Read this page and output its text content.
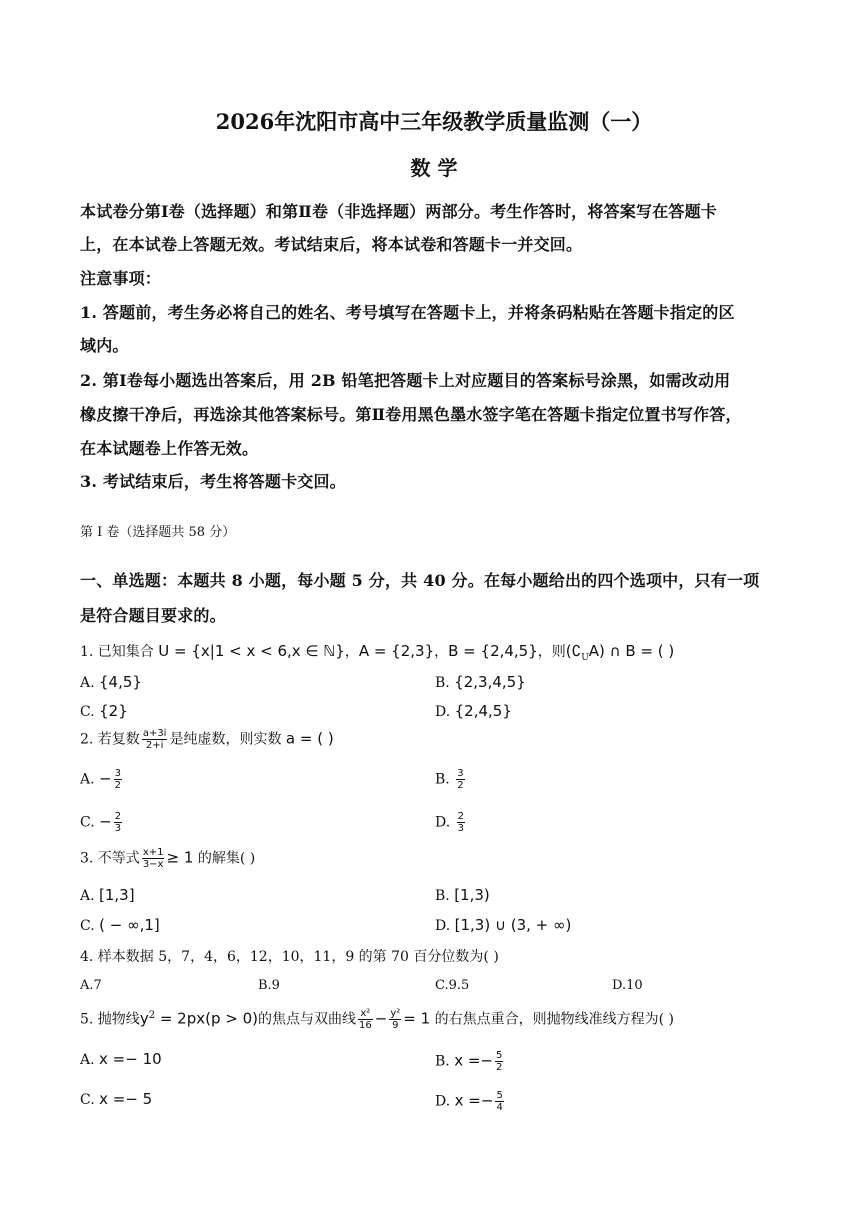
2026年沈阳市高中三年级教学质量监测（一）
数 学
本试卷分第Ⅰ卷（选择题）和第Ⅱ卷（非选择题）两部分。考生作答时，将答案写在答题卡
上，在本试卷上答题无效。考试结束后，将本试卷和答题卡一并交回。
注意事项：
1. 答题前，考生务必将自己的姓名、考号填写在答题卡上，并将条码粘贴在答题卡指定的区
域内。
2. 第Ⅰ卷每小题选出答案后，用 2B 铅笔把答题卡上对应题目的答案标号涂黑，如需改动用
橡皮擦干净后，再选涂其他答案标号。第Ⅱ卷用黑色墨水签字笔在答题卡指定位置书写作答，
在本试题卷上作答无效。
3. 考试结束后，考生将答题卡交回。
第 I 卷（选择题共 58 分）
一、单选题：本题共 8 小题，每小题 5 分，共 40 分。在每小题给出的四个选项中，只有一项
是符合题目要求的。
1. 已知集合 U = {x|1 < x < 6,x ∈ ℕ}，A = {2,3}，B = {2,4,5}，则$(∁_UA)$ ∩ B = ( )
A. {4,5}	B. {2,3,4,5}
C. {2}	D. {2,4,5}
2. 若复数 $\frac{a+3i}{2+i}$ 是纯虚数，则实数 a = ( )
A. − $\frac{3}{2}$	B. $\frac{3}{2}$
C. − $\frac{2}{3}$	D. $\frac{2}{3}$
3. 不等式 $\frac{x+1}{3-x} \ge 1$ 的解集( )
A. [1,3]	B. [1,3)
C. ( − ∞,1]	D. [1,3) ∪ (3, + ∞)
4. 样本数据 5，7，4，6，12，10，11，9 的第 70 百分位数为( )
A.7	B.9	C.9.5	D.10
5. 抛物线$y^2 = 2px(p > 0)$的焦点与双曲线 $\frac{\text{x²}}{16} - \frac{\text{y²}}{9} = 1$ 的右焦点重合，则抛物线准线方程为( )
A. x =− 10	B. $x =- \frac{5}{2}$
C. x =− 5	D. $x =- \frac{5}{4}$
